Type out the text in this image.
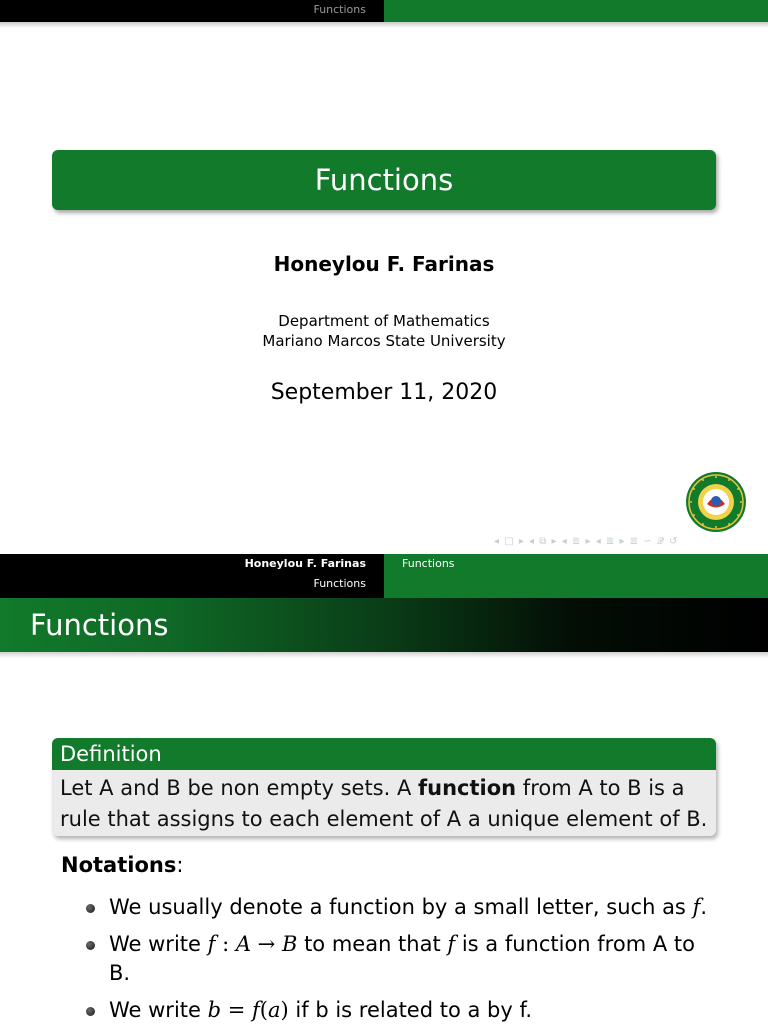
Functions
Functions
Honeylou F. Farinas
Department of Mathematics
Mariano Marcos State University
September 11, 2020
◂ □ ▸ ◂ ⧉ ▸ ◂ ≣ ▸ ◂ ≣ ▸ ≣ ∽ 𝓠 ↺
Honeylou F. Farinas
Functions
Functions
Functions
Definition
Let A and B be non empty sets. A function from A to B is a rule that assigns to each element of A a unique element of B.
Notations:
We usually denote a function by a small letter, such as f.
We write f : A → B to mean that f is a function from A to B.
We write b = f(a) if b is related to a by f.
